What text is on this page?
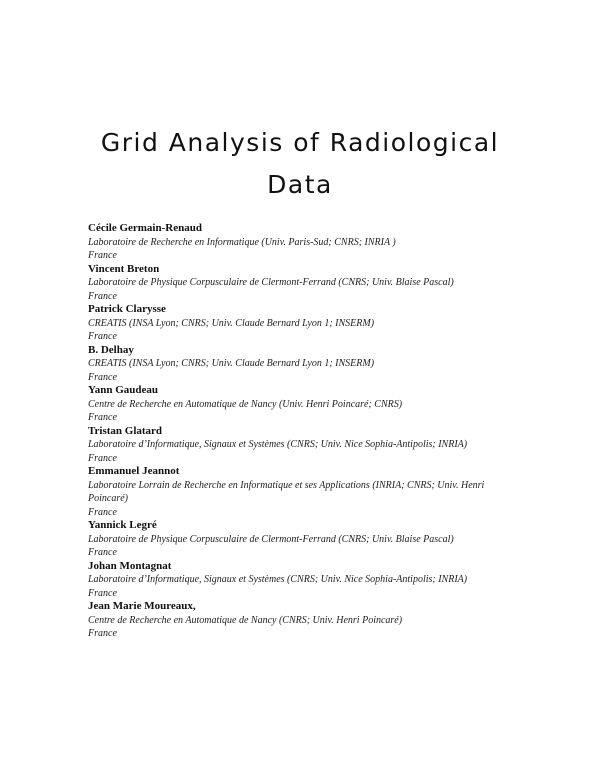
Grid Analysis of Radiological
Data
Cécile Germain-Renaud
Laboratoire de Recherche en Informatique (Univ. Paris-Sud; CNRS; INRIA )
France
Vincent Breton
Laboratoire de Physique Corpusculaire de Clermont-Ferrand (CNRS; Univ. Blaise Pascal)
France
Patrick Clarysse
CREATIS (INSA Lyon; CNRS; Univ. Claude Bernard Lyon 1; INSERM)
France
B. Delhay
CREATIS (INSA Lyon; CNRS; Univ. Claude Bernard Lyon 1; INSERM)
France
Yann Gaudeau
Centre de Recherche en Automatique de Nancy (Univ. Henri Poincaré; CNRS)
France
Tristan Glatard
Laboratoire d’Informatique, Signaux et Systèmes (CNRS; Univ. Nice Sophia-Antipolis; INRIA)
France
Emmanuel Jeannot
Laboratoire Lorrain de Recherche en Informatique et ses Applications (INRIA; CNRS; Univ. Henri Poincaré)
France
Yannick Legré
Laboratoire de Physique Corpusculaire de Clermont-Ferrand (CNRS; Univ. Blaise Pascal)
France
Johan Montagnat
Laboratoire d’Informatique, Signaux et Systèmes (CNRS; Univ. Nice Sophia-Antipolis; INRIA)
France
Jean Marie Moureaux,
Centre de Recherche en Automatique de Nancy (CNRS; Univ. Henri Poincaré)
France
